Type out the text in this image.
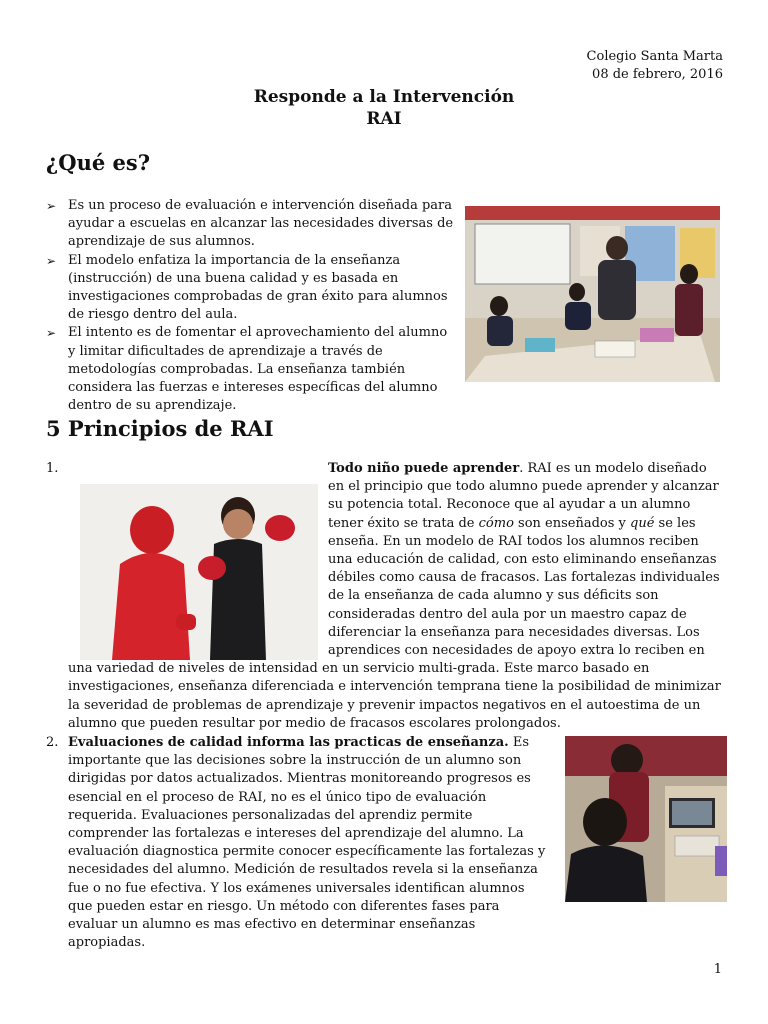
Colegio Santa Marta
08 de febrero, 2016
Responde a la Intervención
RAI
¿Qué es?
➢ Es un proceso de evaluación e intervención diseñada para ayudar a escuelas en alcanzar las necesidades diversas de aprendizaje de sus alumnos.
➢ El modelo enfatiza la importancia de la enseñanza (instrucción) de una buena calidad y es basada en investigaciones comprobadas de gran éxito para alumnos de riesgo dentro del aula.
➢ El intento es de fomentar el aprovechamiento del alumno y limitar dificultades de aprendizaje a través de metodologías comprobadas. La enseñanza también considera las fuerzas e intereses específicas del alumno dentro de su aprendizaje.
5 Principios de RAI
1.	Todo niño puede aprender. RAI es un modelo diseñado en el principio que todo alumno puede aprender y alcanzar su potencia total. Reconoce que al ayudar a un alumno tener éxito se trata de cómo son enseñados y qué se les enseña. En un modelo de RAI todos los alumnos reciben una educación de calidad, con esto eliminando enseñanzas débiles como causa de fracasos. Las fortalezas individuales de la enseñanza de cada alumno y sus déficits son consideradas dentro del aula por un maestro capaz de diferenciar la enseñanza para necesidades diversas. Los aprendices con necesidades de apoyo extra lo reciben en una variedad de niveles de intensidad en un servicio multi-grada. Este marco basado en investigaciones, enseñanza diferenciada e intervención temprana tiene la posibilidad de minimizar la severidad de problemas de aprendizaje y prevenir impactos negativos en el autoestima de un alumno que pueden resultar por medio de fracasos escolares prolongados.
2. Evaluaciones de calidad informa las practicas de enseñanza. Es importante que las decisiones sobre la instrucción de un alumno son dirigidas por datos actualizados. Mientras monitoreando progresos es esencial en el proceso de RAI, no es el único tipo de evaluación requerida. Evaluaciones personalizadas del aprendiz permite comprender las fortalezas e intereses del aprendizaje del alumno. La evaluación diagnostica permite conocer específicamente las fortalezas y necesidades del alumno. Medición de resultados revela si la enseñanza fue o no fue efectiva. Y los exámenes universales identifican alumnos que pueden estar en riesgo. Un método con diferentes fases para evaluar un alumno es mas efectivo en determinar enseñanzas apropiadas.
1
